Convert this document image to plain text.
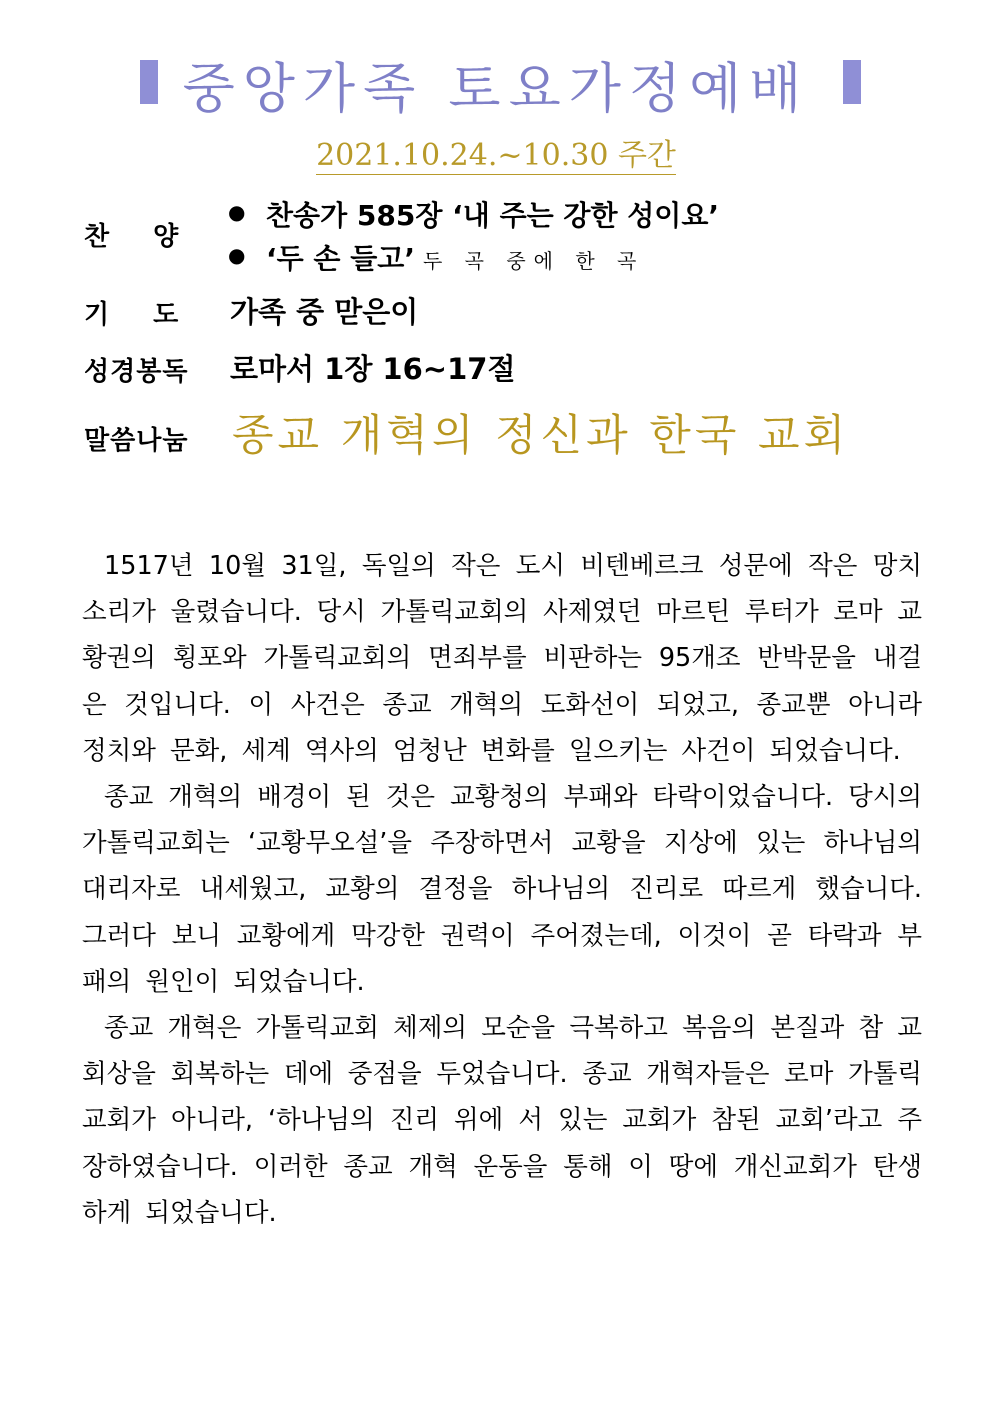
중앙가족 토요가정예배
2021.10.24.~10.30 주간
찬양
● 찬송가 585장 ‘내 주는 강한 성이요’
● ‘두 손 들고’ 두 곡 중에 한 곡
기도 가족 중 맏은이
성경봉독 로마서 1장 16~17절
말씀나눔 종교 개혁의 정신과 한국 교회

1517년 10월 31일, 독일의 작은 도시 비텐베르크 성문에 작은 망치 소리가 울렸습니다. 당시 가톨릭교회의 사제였던 마르틴 루터가 로마 교황권의 횡포와 가톨릭교회의 면죄부를 비판하는 95개조 반박문을 내걸은 것입니다. 이 사건은 종교 개혁의 도화선이 되었고, 종교뿐 아니라 정치와 문화, 세계 역사의 엄청난 변화를 일으키는 사건이 되었습니다.

종교 개혁의 배경이 된 것은 교황청의 부패와 타락이었습니다. 당시의 가톨릭교회는 ‘교황무오설’을 주장하면서 교황을 지상에 있는 하나님의 대리자로 내세웠고, 교황의 결정을 하나님의 진리로 따르게 했습니다. 그러다 보니 교황에게 막강한 권력이 주어졌는데, 이것이 곧 타락과 부패의 원인이 되었습니다.

종교 개혁은 가톨릭교회 체제의 모순을 극복하고 복음의 본질과 참 교회상을 회복하는 데에 중점을 두었습니다. 종교 개혁자들은 로마 가톨릭교회가 아니라, ‘하나님의 진리 위에 서 있는 교회가 참된 교회’라고 주장하였습니다. 이러한 종교 개혁 운동을 통해 이 땅에 개신교회가 탄생하게 되었습니다.
